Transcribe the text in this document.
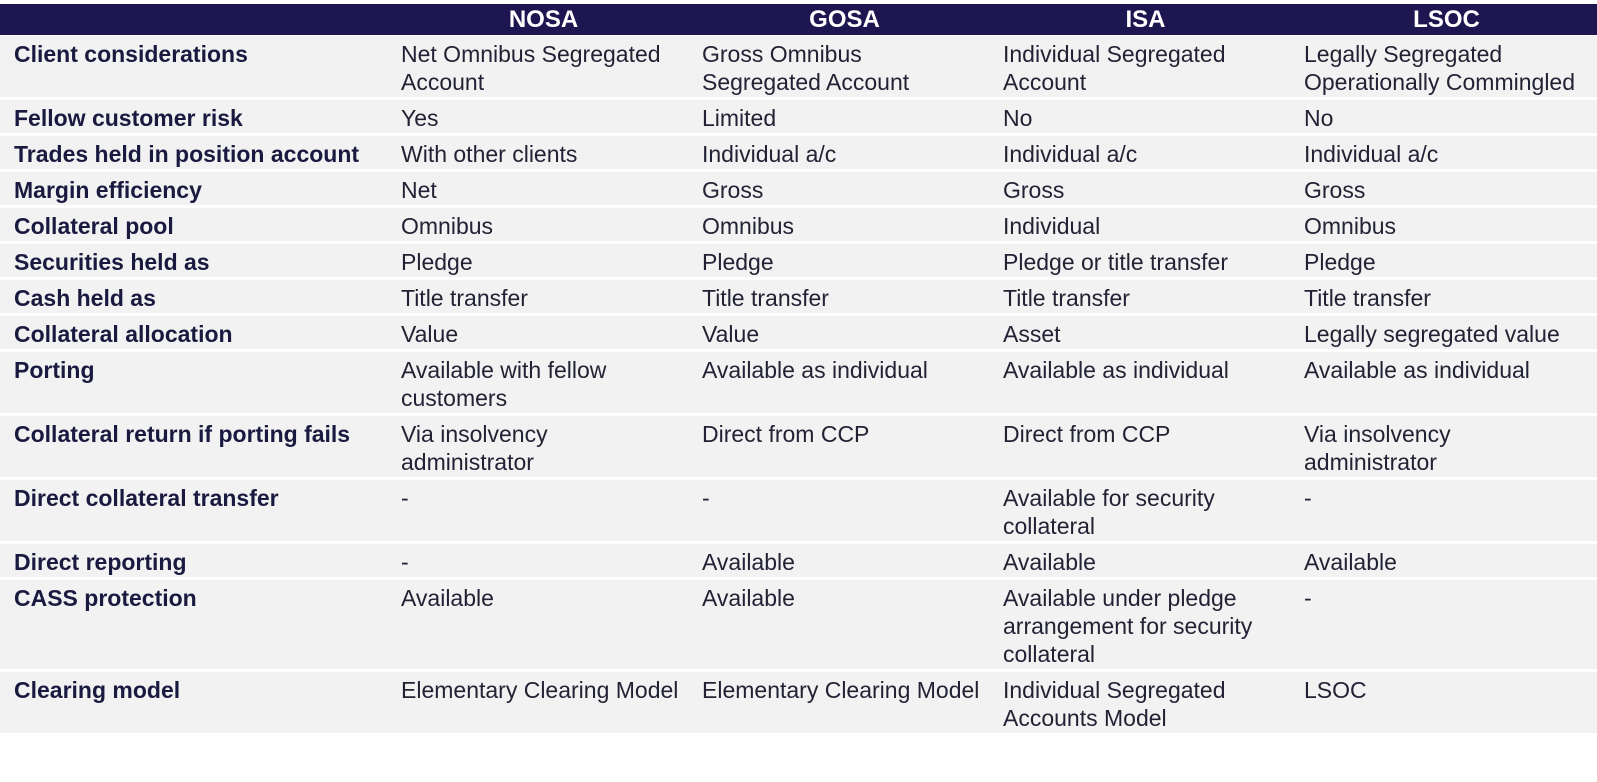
	NOSA	GOSA	ISA	LSOC
Client considerations	Net Omnibus Segregated Account	Gross Omnibus Segregated Account	Individual Segregated Account	Legally Segregated Operationally Commingled
Fellow customer risk	Yes	Limited	No	No
Trades held in position account	With other clients	Individual a/c	Individual a/c	Individual a/c
Margin efficiency	Net	Gross	Gross	Gross
Collateral pool	Omnibus	Omnibus	Individual	Omnibus
Securities held as	Pledge	Pledge	Pledge or title transfer	Pledge
Cash held as	Title transfer	Title transfer	Title transfer	Title transfer
Collateral allocation	Value	Value	Asset	Legally segregated value
Porting	Available with fellow customers	Available as individual	Available as individual	Available as individual
Collateral return if porting fails	Via insolvency administrator	Direct from CCP	Direct from CCP	Via insolvency administrator
Direct collateral transfer	-	-	Available for security collateral	-
Direct reporting	-	Available	Available	Available
CASS protection	Available	Available	Available under pledge arrangement for security collateral	-
Clearing model	Elementary Clearing Model	Elementary Clearing Model	Individual Segregated Accounts Model	LSOC
